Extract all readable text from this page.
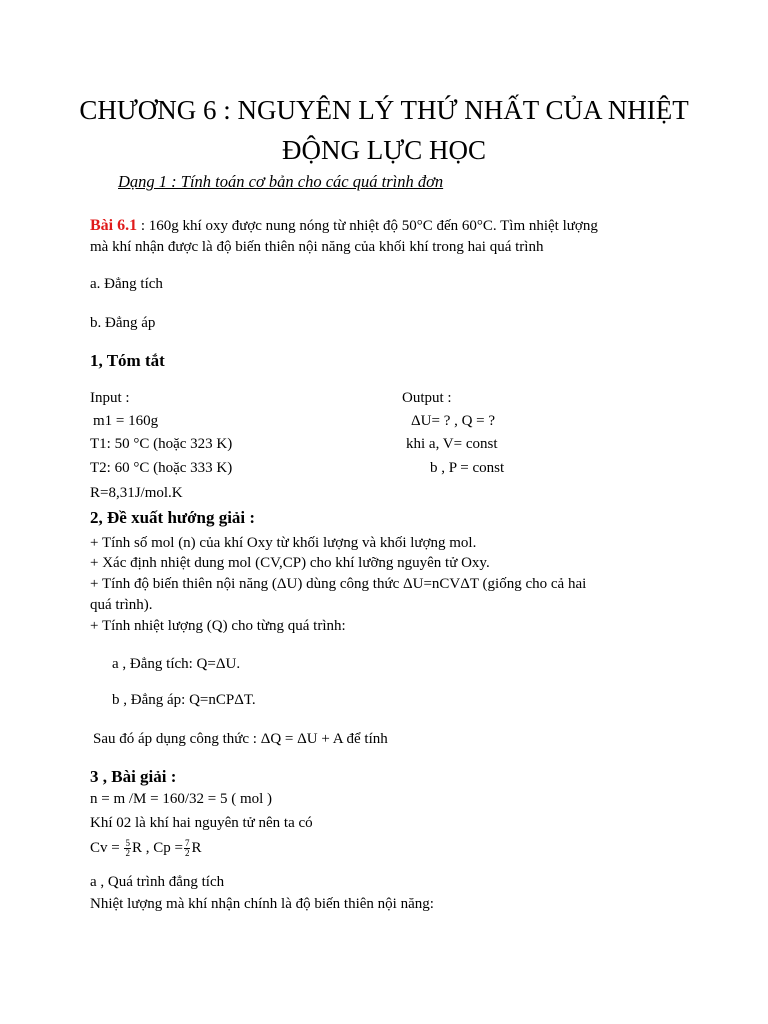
CHƯƠNG 6 : NGUYÊN LÝ THỨ NHẤT CỦA NHIỆT
ĐỘNG LỰC HỌC
Dạng 1 : Tính toán cơ bản cho các quá trình đơn
Bài 6.1 : 160g khí oxy được nung nóng từ nhiệt độ 50°C đến 60°C. Tìm nhiệt lượng
mà khí nhận được là độ biến thiên nội năng của khối khí trong hai quá trình
a. Đẳng tích
b. Đẳng áp
1, Tóm tắt
Input :
m1 = 160g
T1: 50 °C (hoặc 323 K)
T2: 60 °C (hoặc 333 K)
R=8,31J/mol.K
Output :
ΔU= ? , Q = ?
khi a, V= const
b , P = const
2, Đề xuất hướng giải :
+ Tính số mol (n) của khí Oxy từ khối lượng và khối lượng mol.
+ Xác định nhiệt dung mol (CV,CP) cho khí lưỡng nguyên tử Oxy.
+ Tính độ biến thiên nội năng (ΔU) dùng công thức ΔU=nCVΔT (giống cho cả hai
quá trình).
+ Tính nhiệt lượng (Q) cho từng quá trình:
a , Đẳng tích: Q=ΔU.
b , Đẳng áp: Q=nCPΔT.
Sau đó áp dụng công thức : ΔQ = ΔU + A để tính
3 , Bài giải :
n = m /M = 160/32 = 5 ( mol )
Khí 02 là khí hai nguyên tử nên ta có
$Cv = \frac{5}{2}$ R , $Cp = \frac{7}{2}$ R
a , Quá trình đẳng tích
Nhiệt lượng mà khí nhận chính là độ biến thiên nội năng:
